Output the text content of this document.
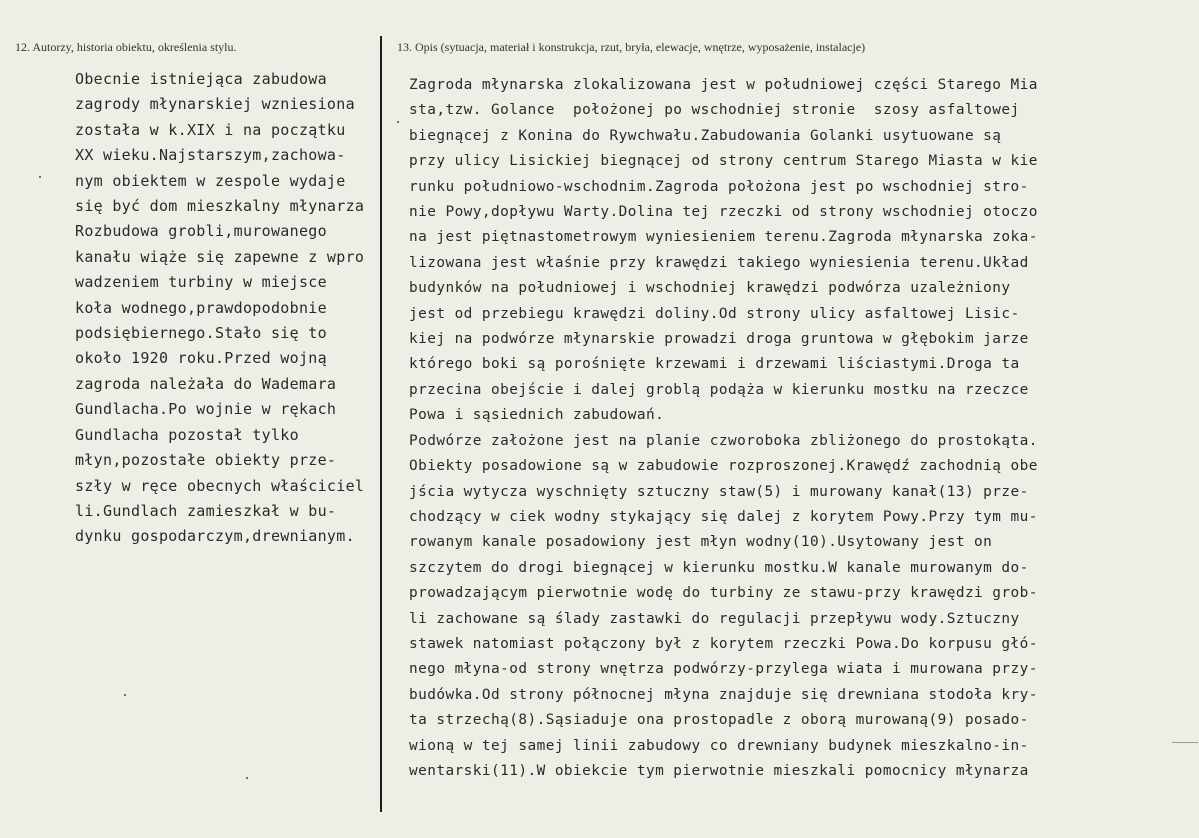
12. Autorzy, historia obiektu, określenia stylu.	13. Opis (sytuacja, materiał i konstrukcja, rzut, bryła, elewacje, wnętrze, wyposażenie, instalacje)
Obecnie istniejąca zabudowa
zagrody młynarskiej wzniesiona
została w k.XIX i na początku
XX wieku.Najstarszym,zachowa-
nym obiektem w zespole wydaje
się być dom mieszkalny młynarza
Rozbudowa grobli,murowanego
kanału wiąże się zapewne z wpro
wadzeniem turbiny w miejsce
koła wodnego,prawdopodobnie
podsiębiernego.Stało się to
około 1920 roku.Przed wojną
zagroda należała do Wademara
Gundlacha.Po wojnie w rękach
Gundlacha pozostał tylko
młyn,pozostałe obiekty prze-
szły w ręce obecnych właściciel
li.Gundlach zamieszkał w bu-
dynku gospodarczym,drewnianym.
Zagroda młynarska zlokalizowana jest w południowej części Starego Mia
sta,tzw. Golance  położonej po wschodniej stronie  szosy asfaltowej
biegnącej z Konina do Rywchwału.Zabudowania Golanki usytuowane są
przy ulicy Lisickiej biegnącej od strony centrum Starego Miasta w kie
runku południowo-wschodnim.Zagroda położona jest po wschodniej stro-
nie Powy,dopływu Warty.Dolina tej rzeczki od strony wschodniej otoczo
na jest piętnastometrowym wyniesieniem terenu.Zagroda młynarska zoka-
lizowana jest właśnie przy krawędzi takiego wyniesienia terenu.Układ
budynków na południowej i wschodniej krawędzi podwórza uzależniony
jest od przebiegu krawędzi doliny.Od strony ulicy asfaltowej Lisic-
kiej na podwórze młynarskie prowadzi droga gruntowa w głębokim jarze
którego boki są porośnięte krzewami i drzewami liściastymi.Droga ta
przecina obejście i dalej groblą podąża w kierunku mostku na rzeczce
Powa i sąsiednich zabudowań.
Podwórze założone jest na planie czworoboka zbliżonego do prostokąta.
Obiekty posadowione są w zabudowie rozproszonej.Krawędź zachodnią obe
jścia wytycza wyschnięty sztuczny staw(5) i murowany kanał(13) prze-
chodzący w ciek wodny stykający się dalej z korytem Powy.Przy tym mu-
rowanym kanale posadowiony jest młyn wodny(10).Usytowany jest on
szczytem do drogi biegnącej w kierunku mostku.W kanale murowanym do-
prowadzającym pierwotnie wodę do turbiny ze stawu-przy krawędzi grob-
li zachowane są ślady zastawki do regulacji przepływu wody.Sztuczny
stawek natomiast połączony był z korytem rzeczki Powa.Do korpusu głó-
nego młyna-od strony wnętrza podwórzy-przylega wiata i murowana przy-
budówka.Od strony północnej młyna znajduje się drewniana stodoła kry-
ta strzechą(8).Sąsiaduje ona prostopadle z oborą murowaną(9) posado-
wioną w tej samej linii zabudowy co drewniany budynek mieszkalno-in-
wentarski(11).W obiekcie tym pierwotnie mieszkali pomocnicy młynarza
